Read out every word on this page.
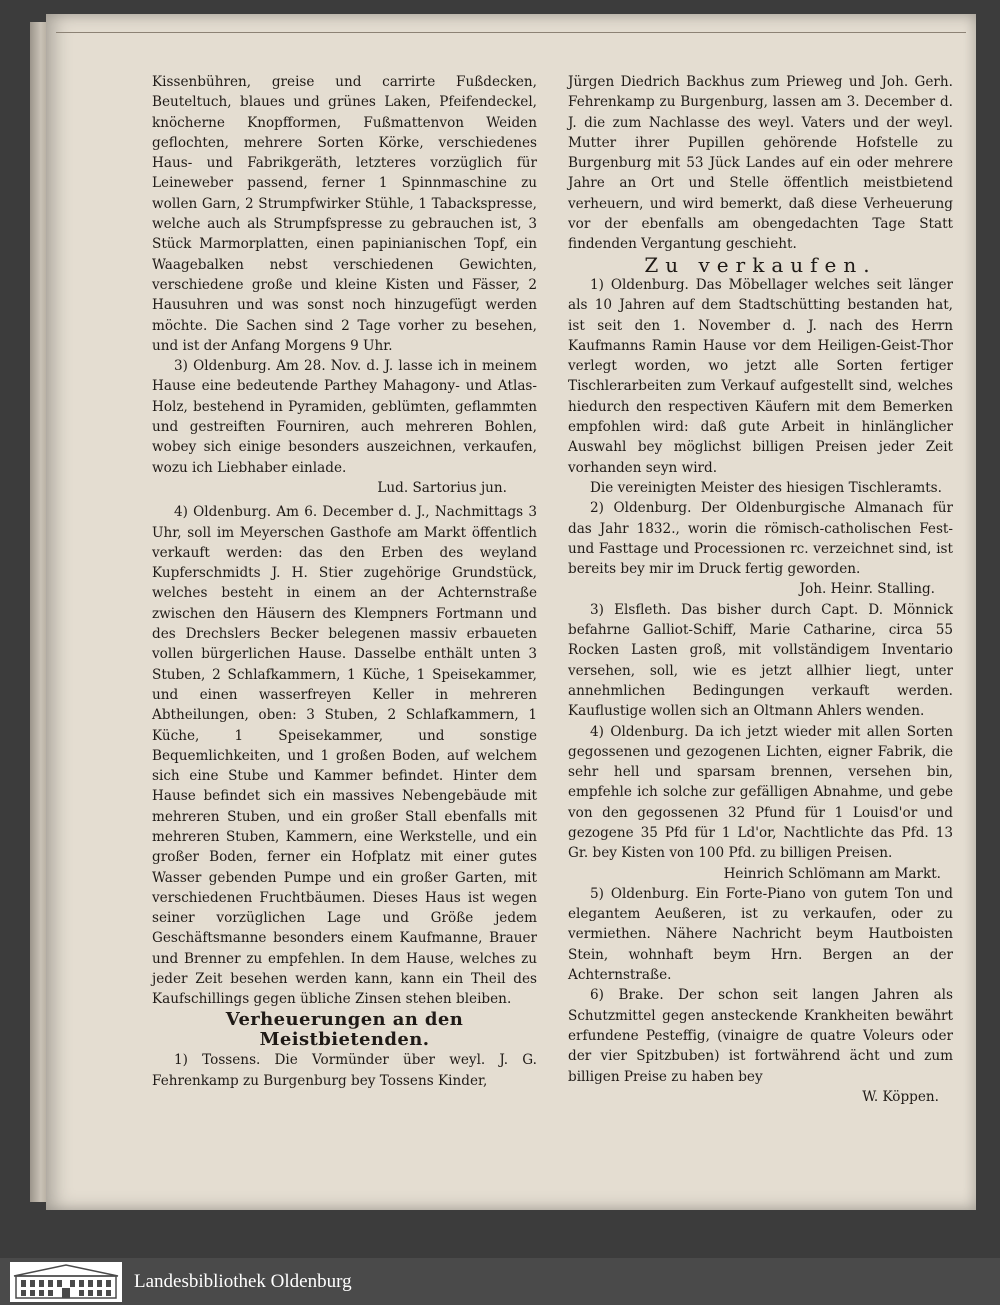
Kissenbühren, greise und carrirte Fußdecken, Beuteltuch, blaues und grünes Laken, Pfeifendeckel, knöcherne Knopfformen, Fußmattenvon Weiden geflochten, mehrere Sorten Körke, verschiedenes Haus- und Fabrikgeräth, letzteres vorzüglich für Leineweber passend, ferner 1 Spinnmaschine zu wollen Garn, 2 Strumpfwirker Stühle, 1 Tabackspresse, welche auch als Strumpfspresse zu gebrauchen ist, 3 Stück Marmorplatten, einen papinianischen Topf, ein Waagebalken nebst verschiedenen Gewichten, verschiedene große und kleine Kisten und Fässer, 2 Hausuhren und was sonst noch hinzugefügt werden möchte. Die Sachen sind 2 Tage vorher zu besehen, und ist der Anfang Morgens 9 Uhr.

3) Oldenburg. Am 28. Nov. d. J. lasse ich in meinem Hause eine bedeutende Parthey Mahagony- und Atlas-Holz, bestehend in Pyramiden, geblümten, geflammten und gestreiften Fourniren, auch mehreren Bohlen, wobey sich einige besonders auszeichnen, verkaufen, wozu ich Liebhaber einlade.

Lud. Sartorius jun.

4) Oldenburg. Am 6. December d. J., Nachmittags 3 Uhr, soll im Meyerschen Gasthofe am Markt öffentlich verkauft werden: das den Erben des weyland Kupferschmidts J. H. Stier zugehörige Grundstück, welches besteht in einem an der Achternstraße zwischen den Häusern des Klempners Fortmann und des Drechslers Becker belegenen massiv erbaueten vollen bürgerlichen Hause. Dasselbe enthält unten 3 Stuben, 2 Schlafkammern, 1 Küche, 1 Speisekammer, und einen wasserfreyen Keller in mehreren Abtheilungen, oben: 3 Stuben, 2 Schlafkammern, 1 Küche, 1 Speisekammer, und sonstige Bequemlichkeiten, und 1 großen Boden, auf welchem sich eine Stube und Kammer befindet. Hinter dem Hause befindet sich ein massives Nebengebäude mit mehreren Stuben, und ein großer Stall ebenfalls mit mehreren Stuben, Kammern, eine Werkstelle, und ein großer Boden, ferner ein Hofplatz mit einer gutes Wasser gebenden Pumpe und ein großer Garten, mit verschiedenen Fruchtbäumen. Dieses Haus ist wegen seiner vorzüglichen Lage und Größe jedem Geschäftsmanne besonders einem Kaufmanne, Brauer und Brenner zu empfehlen. In dem Hause, welches zu jeder Zeit besehen werden kann, kann ein Theil des Kaufschillings gegen übliche Zinsen stehen bleiben.

Verheuerungen an den Meistbietenden.

1) Tossens. Die Vormünder über weyl. J. G. Fehrenkamp zu Burgenburg bey Tossens Kinder,

Jürgen Diedrich Backhus zum Prieweg und Joh. Gerh. Fehrenkamp zu Burgenburg, lassen am 3. December d. J. die zum Nachlasse des weyl. Vaters und der weyl. Mutter ihrer Pupillen gehörende Hofstelle zu Burgenburg mit 53 Jück Landes auf ein oder mehrere Jahre an Ort und Stelle öffentlich meistbietend verheuern, und wird bemerkt, daß diese Verheuerung vor der ebenfalls am obengedachten Tage Statt findenden Vergantung geschieht.

Zu verkaufen.

1) Oldenburg. Das Möbellager welches seit länger als 10 Jahren auf dem Stadtschütting bestanden hat, ist seit den 1. November d. J. nach des Herrn Kaufmanns Ramin Hause vor dem Heiligen-Geist-Thor verlegt worden, wo jetzt alle Sorten fertiger Tischlerarbeiten zum Verkauf aufgestellt sind, welches hiedurch den respectiven Käufern mit dem Bemerken empfohlen wird: daß gute Arbeit in hinlänglicher Auswahl bey möglichst billigen Preisen jeder Zeit vorhanden seyn wird.

Die vereinigten Meister des hiesigen Tischleramts.

2) Oldenburg. Der Oldenburgische Almanach für das Jahr 1832., worin die römisch-catholischen Fest- und Fasttage und Processionen rc. verzeichnet sind, ist bereits bey mir im Druck fertig geworden.

Joh. Heinr. Stalling.

3) Elsfleth. Das bisher durch Capt. D. Mönnick befahrne Galliot-Schiff, Marie Catharine, circa 55 Rocken Lasten groß, mit vollständigem Inventario versehen, soll, wie es jetzt allhier liegt, unter annehmlichen Bedingungen verkauft werden. Kauflustige wollen sich an Oltmann Ahlers wenden.

4) Oldenburg. Da ich jetzt wieder mit allen Sorten gegossenen und gezogenen Lichten, eigner Fabrik, die sehr hell und sparsam brennen, versehen bin, empfehle ich solche zur gefälligen Abnahme, und gebe von den gegossenen 32 Pfund für 1 Louisd'or und gezogene 35 Pfd für 1 Ld'or, Nachtlichte das Pfd. 13 Gr. bey Kisten von 100 Pfd. zu billigen Preisen.

Heinrich Schlömann am Markt.

5) Oldenburg. Ein Forte-Piano von gutem Ton und elegantem Aeußeren, ist zu verkaufen, oder zu vermiethen. Nähere Nachricht beym Hautboisten Stein, wohnhaft beym Hrn. Bergen an der Achternstraße.

6) Brake. Der schon seit langen Jahren als Schutzmittel gegen ansteckende Krankheiten bewährt erfundene Pesteffig, (vinaigre de quatre Voleurs oder der vier Spitzbuben) ist fortwährend ächt und zum billigen Preise zu haben bey

W. Köppen.

Landesbibliothek Oldenburg
